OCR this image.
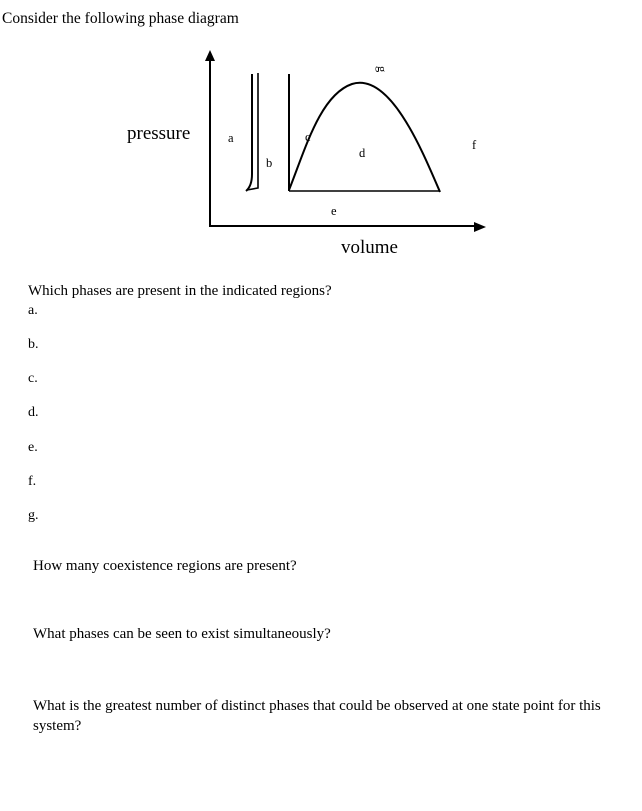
Consider the following phase diagram
pressure
volume
a
b
c
d
e
f
g
Which phases are present in the indicated regions?
a.
b.
c.
d.
e.
f.
g.
How many coexistence regions are present?
What phases can be seen to exist simultaneously?
What is the greatest number of distinct phases that could be observed at one state point for this system?
